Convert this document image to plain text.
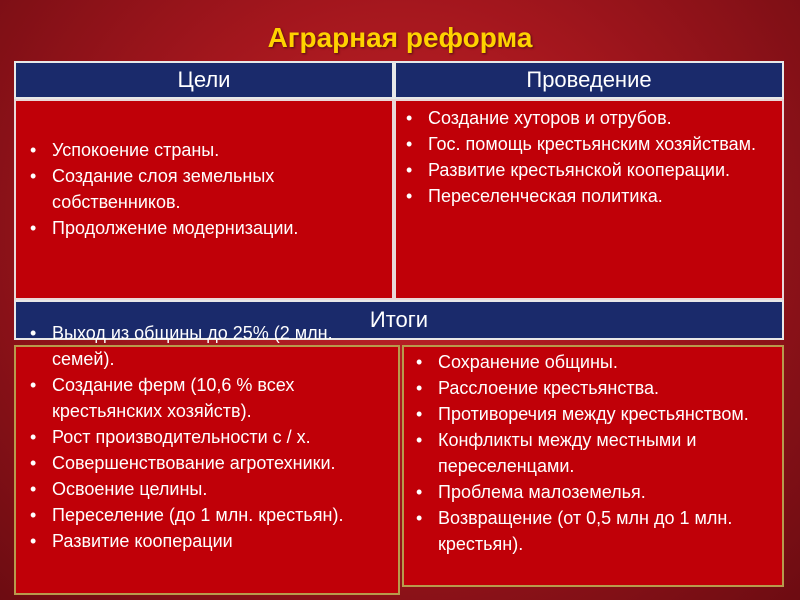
Аграрная реформа
Цели	Проведение
• Успокоение страны.
• Создание слоя земельных собственников.
• Продолжение модернизации.
• Создание хуторов и отрубов.
• Гос. помощь крестьянским хозяйствам.
• Развитие крестьянской кооперации.
• Переселенческая политика.
Итоги
• Выход из общины до 25% (2 млн. семей).
• Создание ферм (10,6 % всех крестьянских хозяйств).
• Рост производительности с / х.
• Совершенствование агротехники.
• Освоение целины.
• Переселение (до 1 млн. крестьян).
• Развитие кооперации
• Сохранение общины.
• Расслоение крестьянства.
• Противоречия между крестьянством.
• Конфликты между местными и переселенцами.
• Проблема малоземелья.
• Возвращение (от 0,5 млн до 1 млн. крестьян).
